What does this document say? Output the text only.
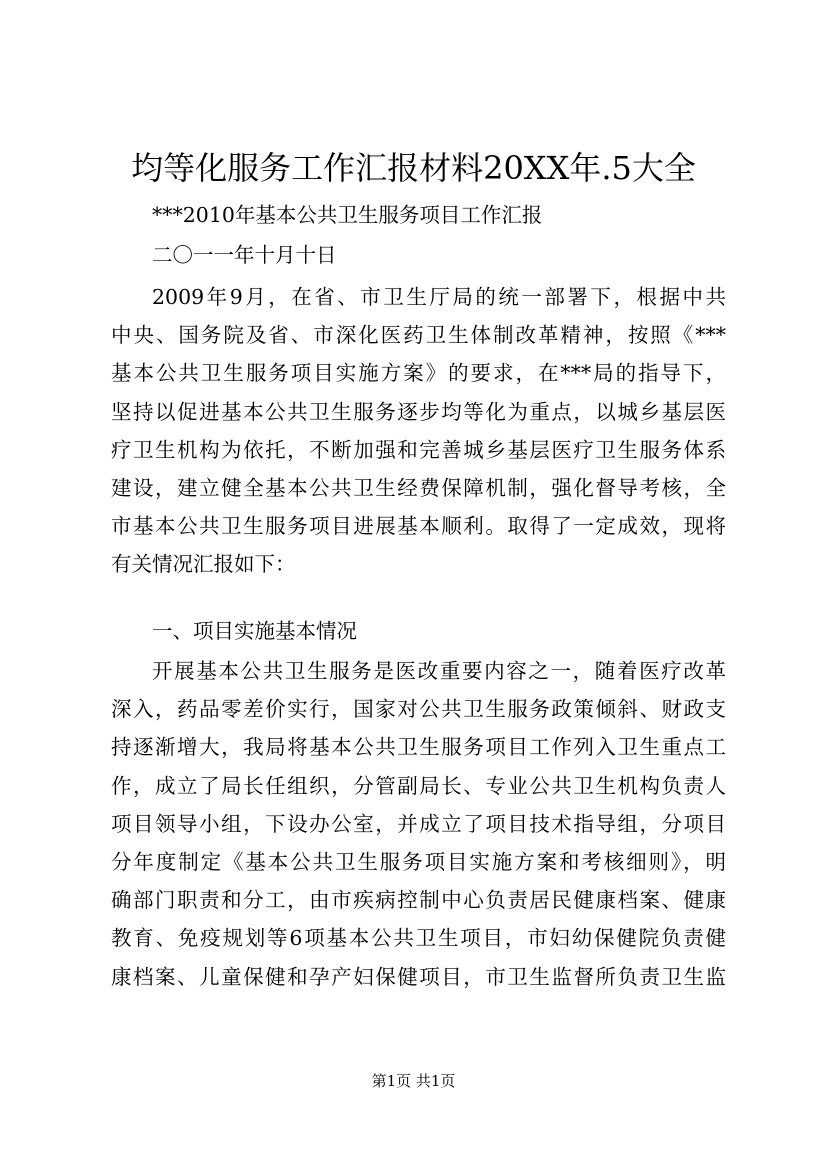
均等化服务工作汇报材料20XX年.5大全

***2010年基本公共卫生服务项目工作汇报

二〇一一年十月十日

2009年9月，在省、市卫生厅局的统一部署下，根据中共
中央、国务院及省、市深化医药卫生体制改革精神，按照《***
基本公共卫生服务项目实施方案》的要求，在***局的指导下，
坚持以促进基本公共卫生服务逐步均等化为重点，以城乡基层医
疗卫生机构为依托，不断加强和完善城乡基层医疗卫生服务体系
建设，建立健全基本公共卫生经费保障机制，强化督导考核，全
市基本公共卫生服务项目进展基本顺利。取得了一定成效，现将
有关情况汇报如下：

一、项目实施基本情况

开展基本公共卫生服务是医改重要内容之一，随着医疗改革
深入，药品零差价实行，国家对公共卫生服务政策倾斜、财政支
持逐渐增大，我局将基本公共卫生服务项目工作列入卫生重点工
作，成立了局长任组织，分管副局长、专业公共卫生机构负责人
项目领导小组，下设办公室，并成立了项目技术指导组，分项目
分年度制定《基本公共卫生服务项目实施方案和考核细则》，明
确部门职责和分工，由市疾病控制中心负责居民健康档案、健康
教育、免疫规划等6项基本公共卫生项目，市妇幼保健院负责健
康档案、儿童保健和孕产妇保健项目，市卫生监督所负责卫生监
第1页 共1页
